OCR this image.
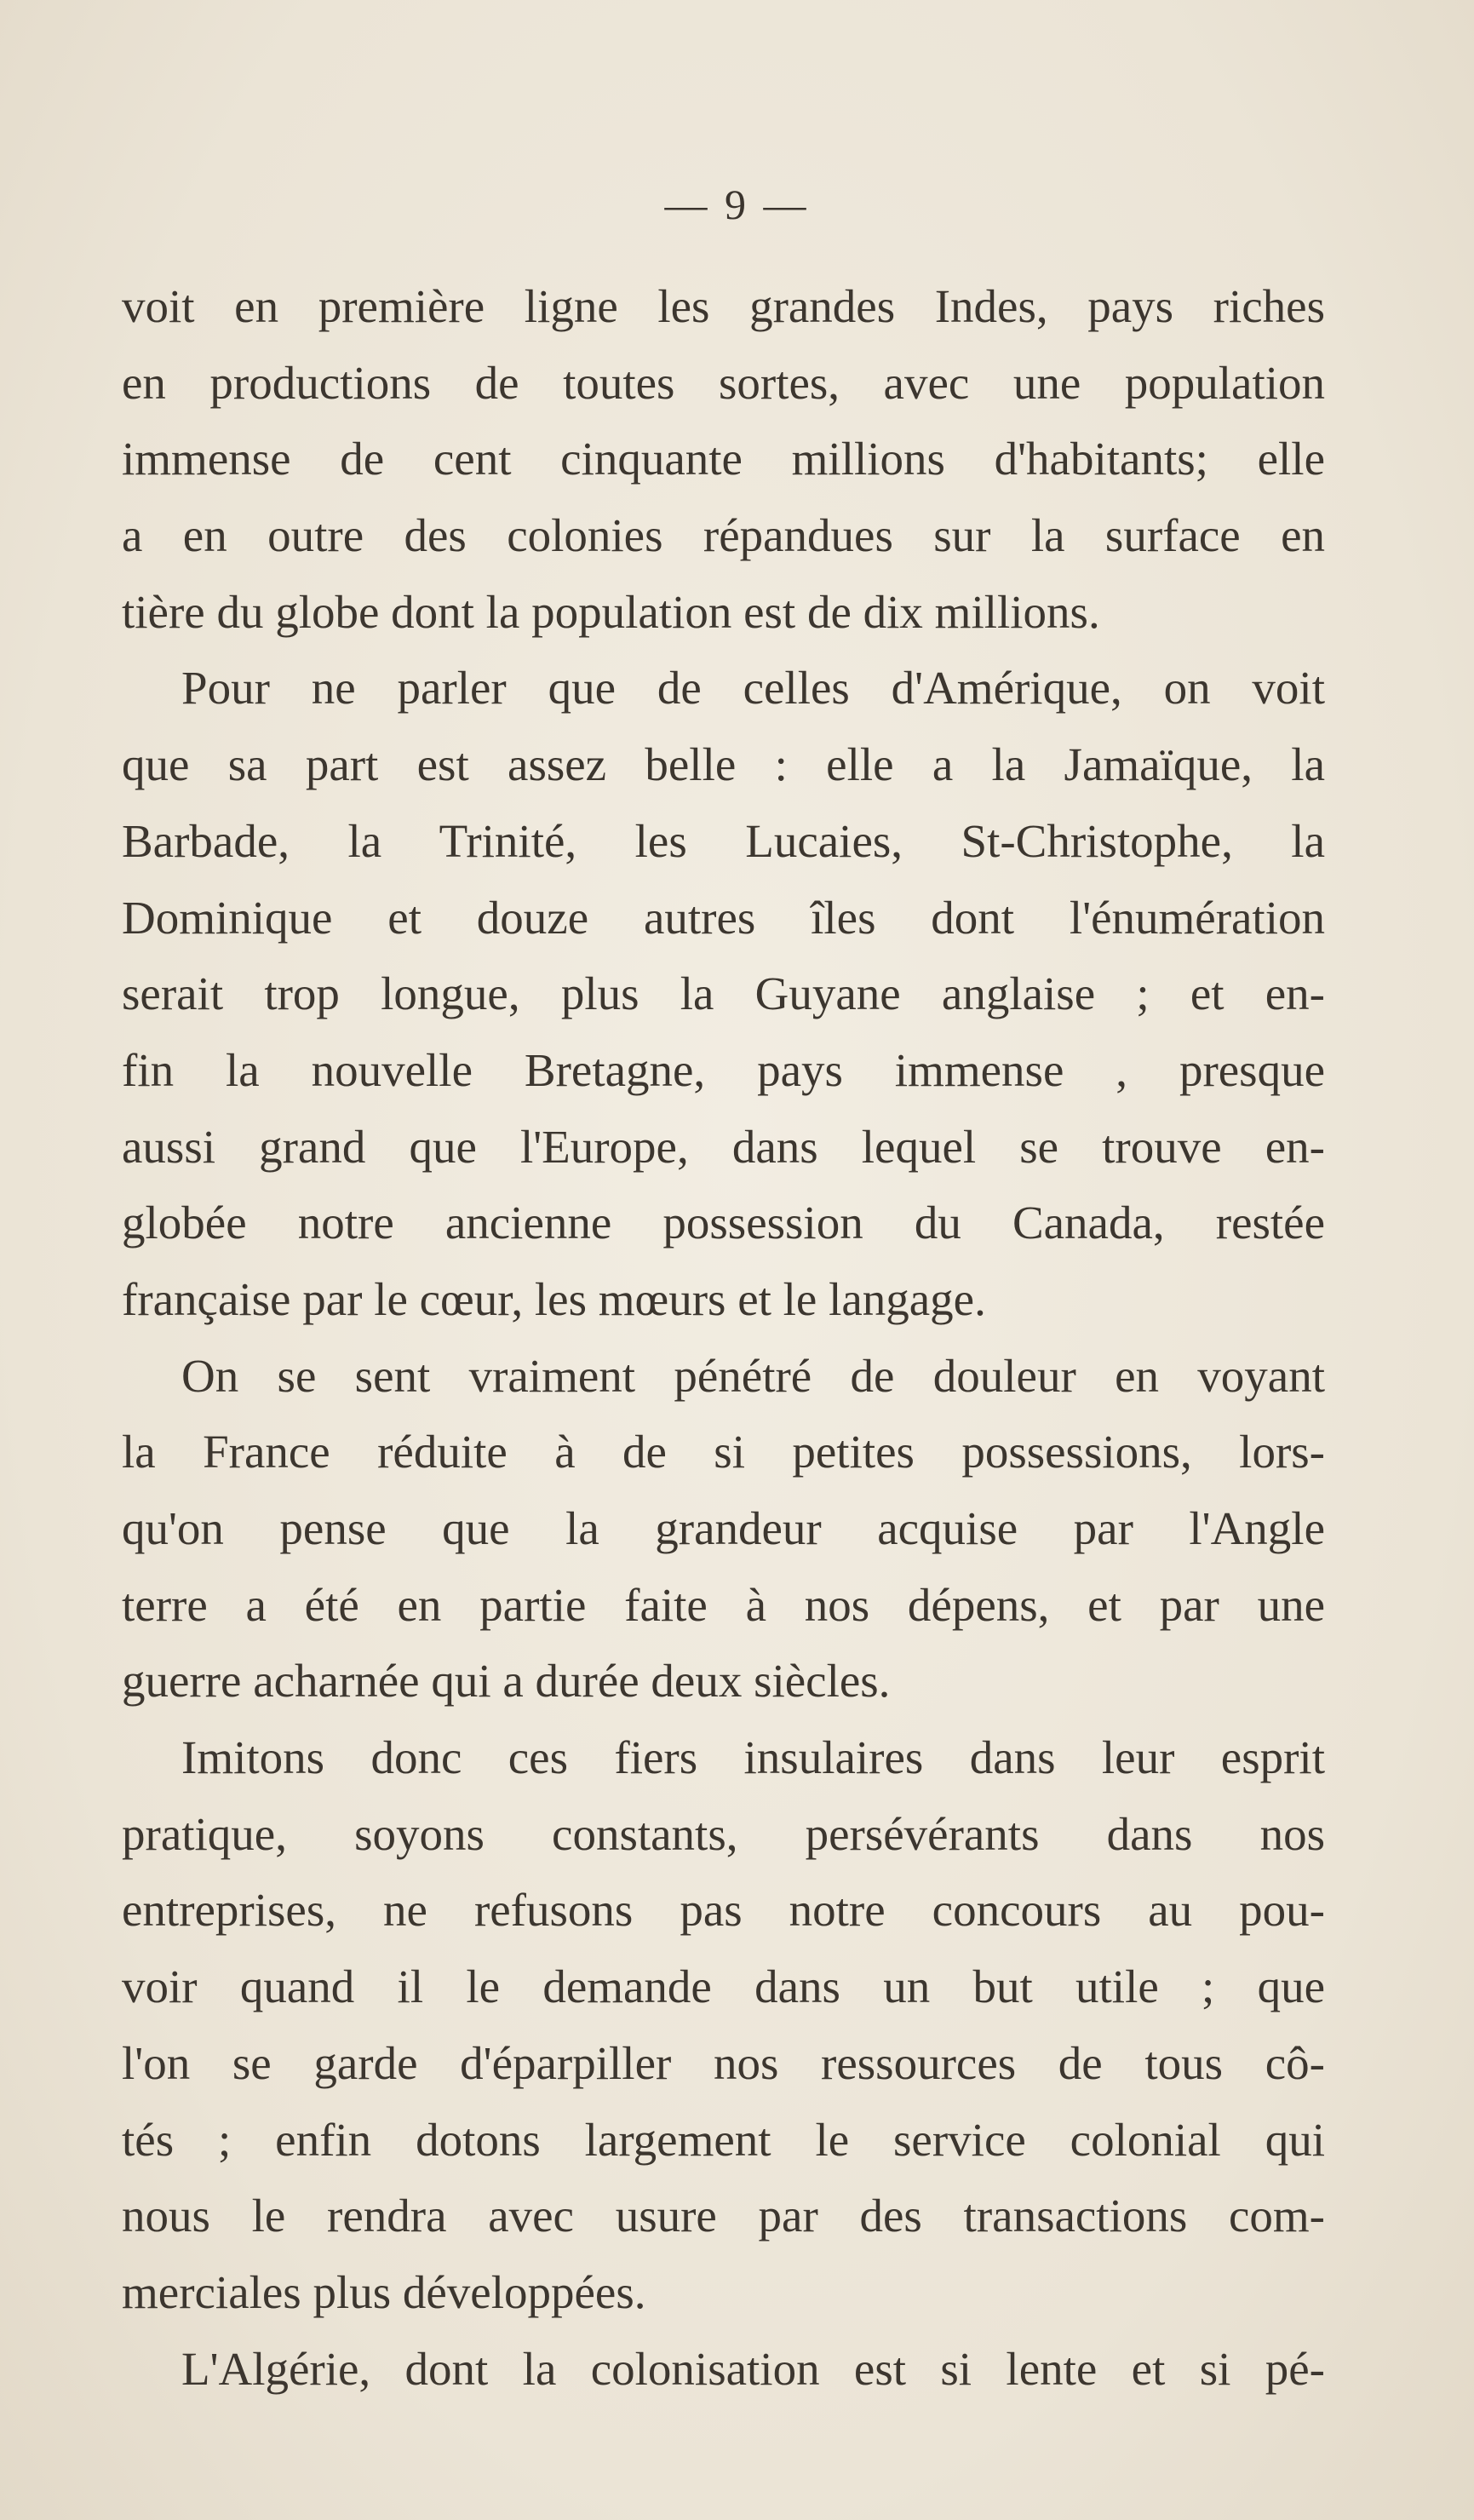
— 9 —
voit en première ligne les grandes Indes, pays riches
en productions de toutes sortes, avec une population
immense de cent cinquante millions d'habitants; elle
a en outre des colonies répandues sur la surface en
tière du globe dont la population est de dix millions.
Pour ne parler que de celles d'Amérique, on voit
que sa part est assez belle : elle a la Jamaïque, la
Barbade, la Trinité, les Lucaies, St-Christophe, la
Dominique et douze autres îles dont l'énumération
serait trop longue, plus la Guyane anglaise ; et en-
fin la nouvelle Bretagne, pays immense , presque
aussi grand que l'Europe, dans lequel se trouve en-
globée notre ancienne possession du Canada, restée
française par le cœur, les mœurs et le langage.
On se sent vraiment pénétré de douleur en voyant
la France réduite à de si petites possessions, lors-
qu'on pense que la grandeur acquise par l'Angle
terre a été en partie faite à nos dépens, et par une
guerre acharnée qui a durée deux siècles.
Imitons donc ces fiers insulaires dans leur esprit
pratique, soyons constants, persévérants dans nos
entreprises, ne refusons pas notre concours au pou-
voir quand il le demande dans un but utile ; que
l'on se garde d'éparpiller nos ressources de tous cô-
tés ; enfin dotons largement le service colonial qui
nous le rendra avec usure par des transactions com-
merciales plus développées.
L'Algérie, dont la colonisation est si lente et si pé-
